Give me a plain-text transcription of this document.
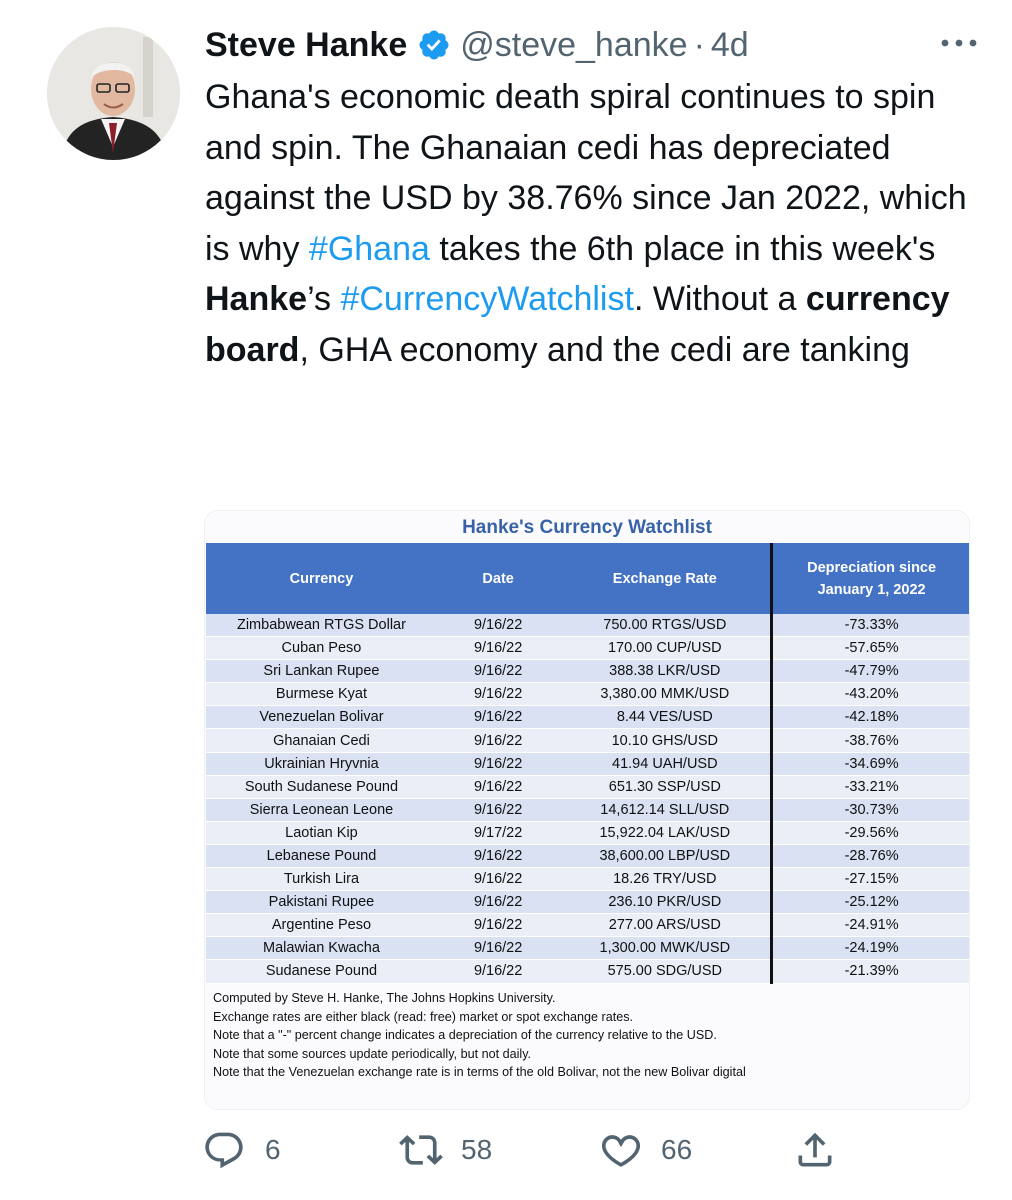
Steve Hanke @steve_hanke · 4d

Ghana's economic death spiral continues to spin and spin. The Ghanaian cedi has depreciated against the USD by 38.76% since Jan 2022, which is why #Ghana takes the 6th place in this week's Hanke’s #CurrencyWatchlist. Without a currency board, GHA economy and the cedi are tanking

Hanke's Currency Watchlist
Currency	Date	Exchange Rate	Depreciation since January 1, 2022
Zimbabwean RTGS Dollar	9/16/22	750.00 RTGS/USD	-73.33%
Cuban Peso	9/16/22	170.00 CUP/USD	-57.65%
Sri Lankan Rupee	9/16/22	388.38 LKR/USD	-47.79%
Burmese Kyat	9/16/22	3,380.00 MMK/USD	-43.20%
Venezuelan Bolivar	9/16/22	8.44 VES/USD	-42.18%
Ghanaian Cedi	9/16/22	10.10 GHS/USD	-38.76%
Ukrainian Hryvnia	9/16/22	41.94 UAH/USD	-34.69%
South Sudanese Pound	9/16/22	651.30 SSP/USD	-33.21%
Sierra Leonean Leone	9/16/22	14,612.14 SLL/USD	-30.73%
Laotian Kip	9/17/22	15,922.04 LAK/USD	-29.56%
Lebanese Pound	9/16/22	38,600.00 LBP/USD	-28.76%
Turkish Lira	9/16/22	18.26 TRY/USD	-27.15%
Pakistani Rupee	9/16/22	236.10 PKR/USD	-25.12%
Argentine Peso	9/16/22	277.00 ARS/USD	-24.91%
Malawian Kwacha	9/16/22	1,300.00 MWK/USD	-24.19%
Sudanese Pound	9/16/22	575.00 SDG/USD	-21.39%
Computed by Steve H. Hanke, The Johns Hopkins University.
Exchange rates are either black (read: free) market or spot exchange rates.
Note that a "-" percent change indicates a depreciation of the currency relative to the USD.
Note that some sources update periodically, but not daily.
Note that the Venezuelan exchange rate is in terms of the old Bolivar, not the new Bolivar digital
6	58	66
